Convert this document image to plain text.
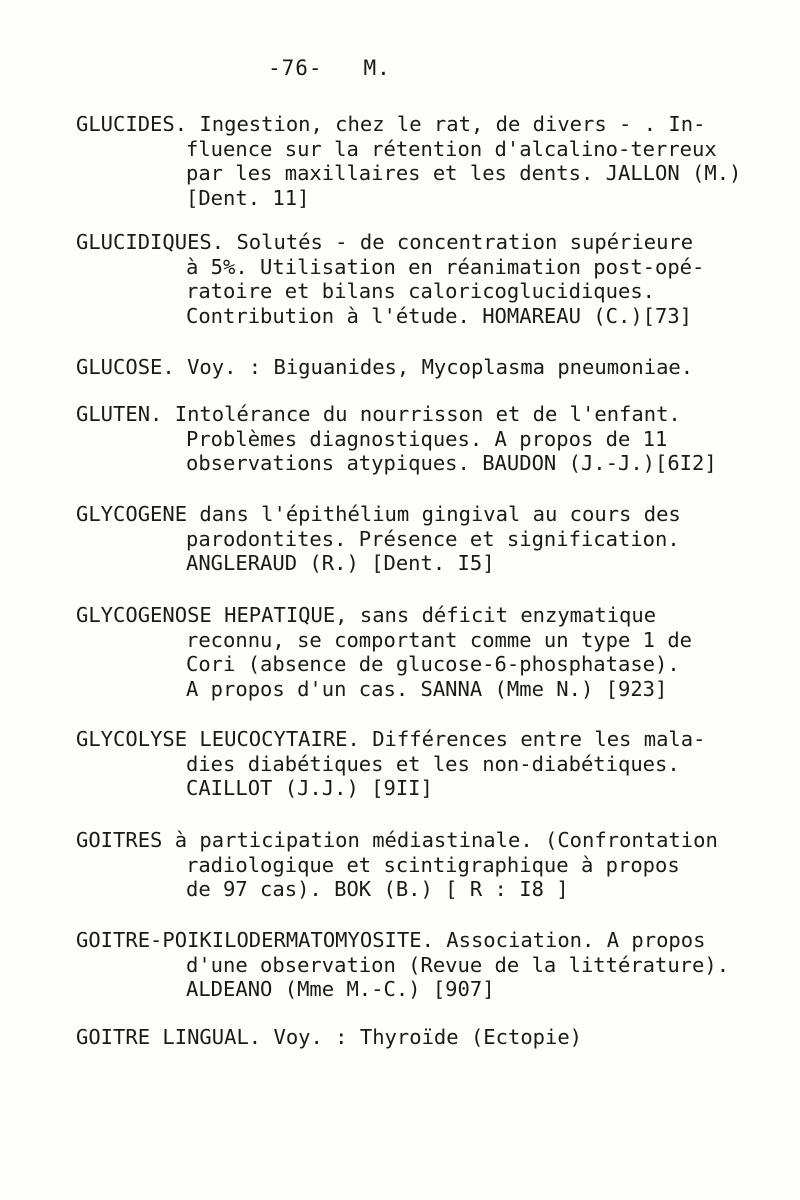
-76- M.
GLUCIDES. Ingestion, chez le rat, de divers - . In-
fluence sur la rétention d'alcalino-terreux
par les maxillaires et les dents. JALLON (M.)
[Dent. 11]
GLUCIDIQUES. Solutés - de concentration supérieure
à 5%. Utilisation en réanimation post-opé-
ratoire et bilans caloricoglucidiques.
Contribution à l'étude. HOMAREAU (C.)[73]
GLUCOSE. Voy. : Biguanides, Mycoplasma pneumoniae.
GLUTEN. Intolérance du nourrisson et de l'enfant.
Problèmes diagnostiques. A propos de 11
observations atypiques. BAUDON (J.-J.)[6I2]
GLYCOGENE dans l'épithélium gingival au cours des
parodontites. Présence et signification.
ANGLERAUD (R.) [Dent. I5]
GLYCOGENOSE HEPATIQUE, sans déficit enzymatique
reconnu, se comportant comme un type 1 de
Cori (absence de glucose-6-phosphatase).
A propos d'un cas. SANNA (Mme N.) [923]
GLYCOLYSE LEUCOCYTAIRE. Différences entre les mala-
dies diabétiques et les non-diabétiques.
CAILLOT (J.J.) [9II]
GOITRES à participation médiastinale. (Confrontation
radiologique et scintigraphique à propos
de 97 cas). BOK (B.) [ R : I8 ]
GOITRE-POIKILODERMATOMYOSITE. Association. A propos
d'une observation (Revue de la littérature).
ALDEANO (Mme M.-C.) [907]
GOITRE LINGUAL. Voy. : Thyroïde (Ectopie)
